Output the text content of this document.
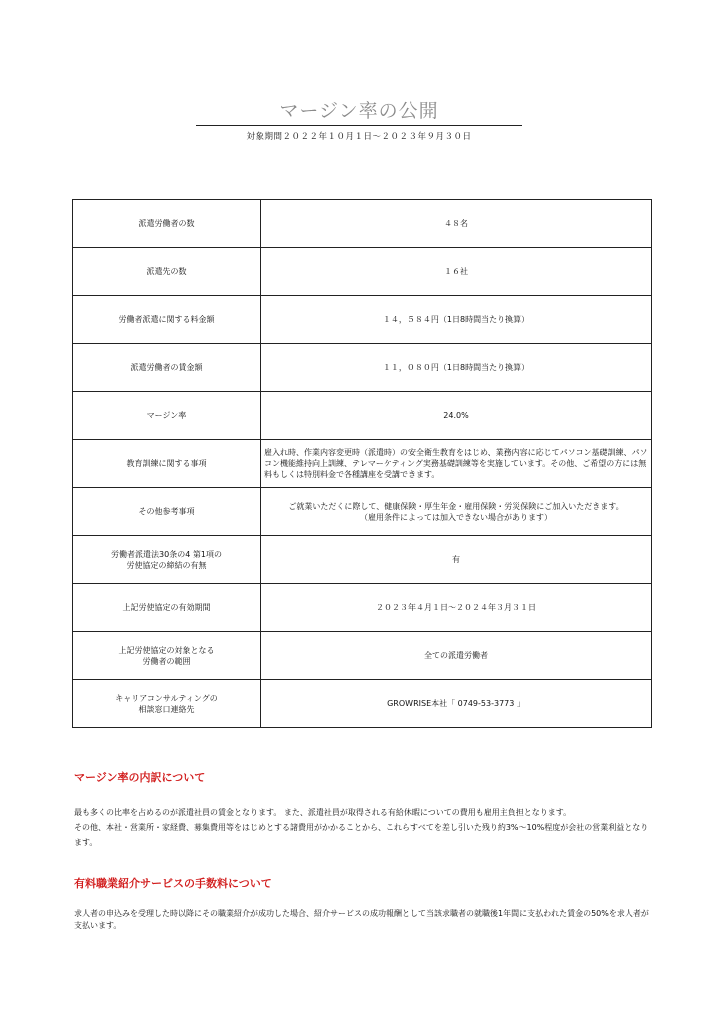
マージン率の公開
対象期間２０２２年１０月１日～２０２３年９月３０日
派遣労働者の数	４８名
派遣先の数	１６社
労働者派遣に関する料金額	１４，５８４円（1日8時間当たり換算）
派遣労働者の賃金額	１１，０８０円（1日8時間当たり換算）
マージン率	24.0%
教育訓練に関する事項	雇入れ時、作業内容変更時（派遣時）の安全衛生教育をはじめ、業務内容に応じてパソコン基礎訓練、パソコン機能維持向上訓練、テレマーケティング実務基礎訓練等を実施しています。その他、ご希望の方には無料もしくは特別料金で各種講座を受講できます。
その他参考事項	ご就業いただくに際して、健康保険・厚生年金・雇用保険・労災保険にご加入いただきます。
（雇用条件によっては加入できない場合があります）

労働者派遣法30条の4 第1項の
労使協定の締結の有無	有
上記労使協定の有効期間	２０２３年４月１日～２０２４年３月３１日

上記労使協定の対象となる
労働者の範囲	全ての派遣労働者

キャリアコンサルティングの
相談窓口連絡先	GROWRISE本社「 0749-53-3773 」
マージン率の内訳について

最も多くの比率を占めるのが派遣社員の賃金となります。 また、派遣社員が取得される有給休暇についての費用も雇用主負担となります。

その他、本社・営業所・家経費、募集費用等をはじめとする諸費用がかかることから、これらすべてを差し引いた残り約3%～10%程度が会社の営業利益となります。

有料職業紹介サービスの手数料について

求人者の申込みを受理した時以降にその職業紹介が成功した場合、紹介サービスの成功報酬として当該求職者の就職後1年間に支払われた賃金の50%を求人者が支払います。
